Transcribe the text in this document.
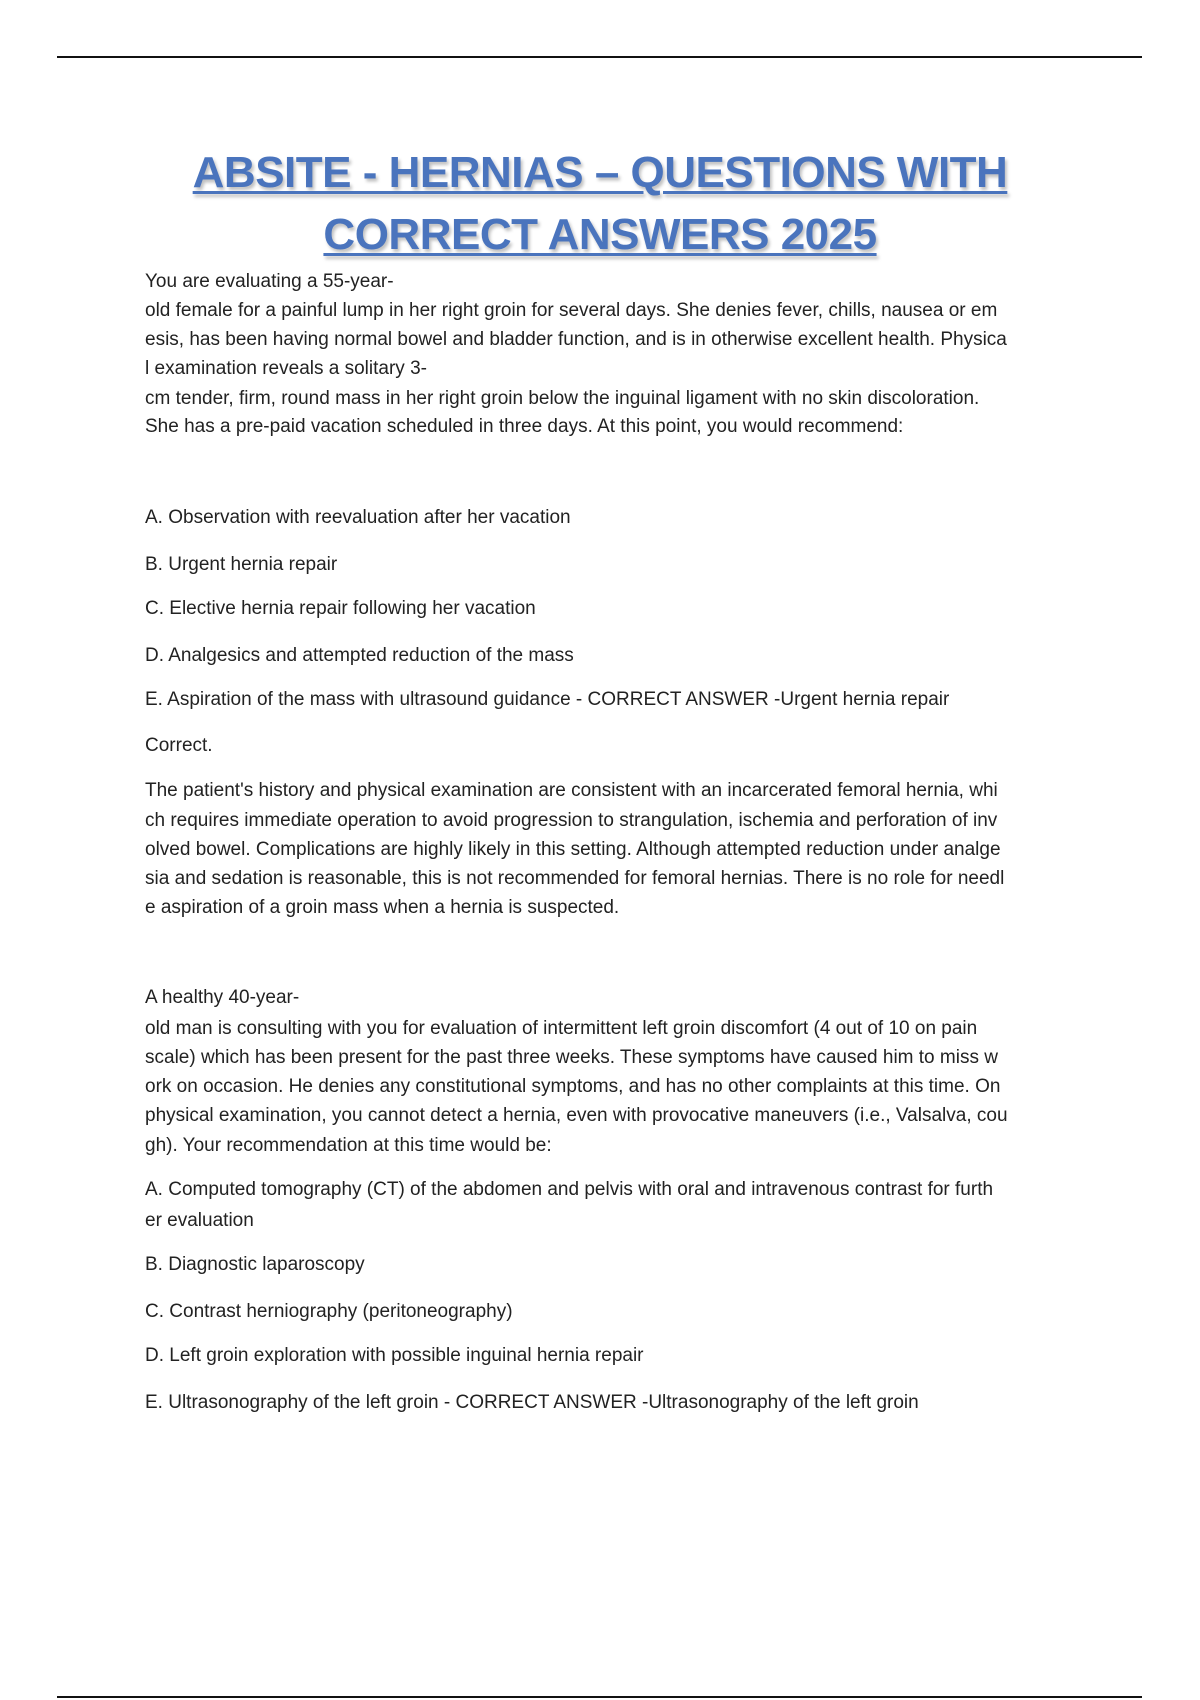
ABSITE - HERNIAS – QUESTIONS WITH
CORRECT ANSWERS 2025
You are evaluating a 55-year-
old female for a painful lump in her right groin for several days. She denies fever, chills, nausea or em
esis, has been having normal bowel and bladder function, and is in otherwise excellent health. Physica
l examination reveals a solitary 3-
cm tender, firm, round mass in her right groin below the inguinal ligament with no skin discoloration.
She has a pre-paid vacation scheduled in three days. At this point, you would recommend:
A. Observation with reevaluation after her vacation
B. Urgent hernia repair
C. Elective hernia repair following her vacation
D. Analgesics and attempted reduction of the mass
E. Aspiration of the mass with ultrasound guidance - CORRECT ANSWER -Urgent hernia repair
Correct.
The patient's history and physical examination are consistent with an incarcerated femoral hernia, whi
ch requires immediate operation to avoid progression to strangulation, ischemia and perforation of inv
olved bowel. Complications are highly likely in this setting. Although attempted reduction under analge
sia and sedation is reasonable, this is not recommended for femoral hernias. There is no role for needl
e aspiration of a groin mass when a hernia is suspected.
A healthy 40-year-
old man is consulting with you for evaluation of intermittent left groin discomfort (4 out of 10 on pain
scale) which has been present for the past three weeks. These symptoms have caused him to miss w
ork on occasion. He denies any constitutional symptoms, and has no other complaints at this time. On
physical examination, you cannot detect a hernia, even with provocative maneuvers (i.e., Valsalva, cou
gh). Your recommendation at this time would be:
A. Computed tomography (CT) of the abdomen and pelvis with oral and intravenous contrast for furth
er evaluation
B. Diagnostic laparoscopy
C. Contrast herniography (peritoneography)
D. Left groin exploration with possible inguinal hernia repair
E. Ultrasonography of the left groin - CORRECT ANSWER -Ultrasonography of the left groin
